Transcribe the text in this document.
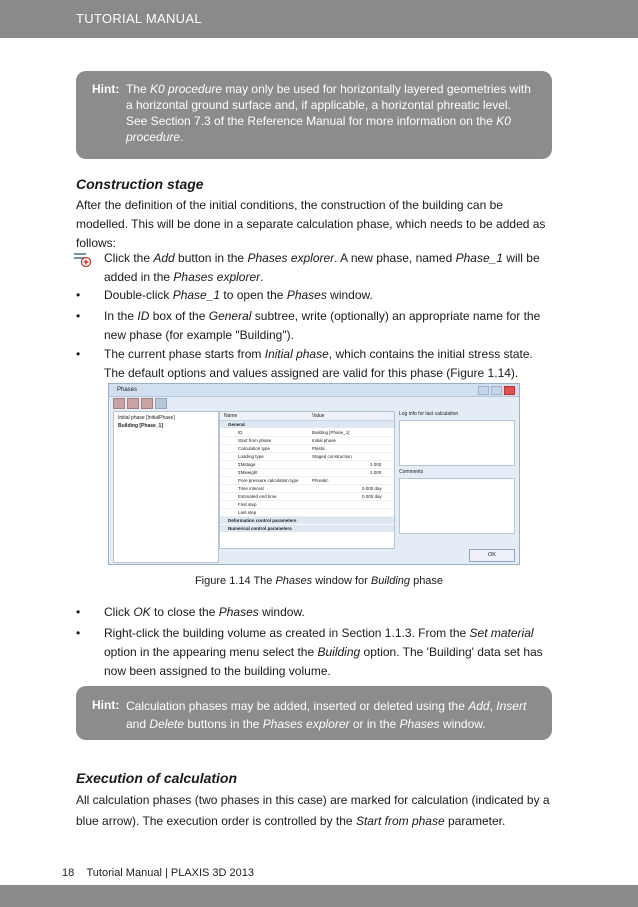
TUTORIAL MANUAL
Hint: The K0 procedure may only be used for horizontally layered geometries with
a horizontal ground surface and, if applicable, a horizontal phreatic level.
See Section 7.3 of the Reference Manual for more information on the K0
procedure.
Construction stage
After the definition of the initial conditions, the construction of the building can be
modelled. This will be done in a separate calculation phase, which needs to be added as
follows:
Click the Add button in the Phases explorer. A new phase, named Phase_1 will be
added in the Phases explorer.
•	Double-click Phase_1 to open the Phases window.
•	In the ID box of the General subtree, write (optionally) an appropriate name for the
new phase (for example "Building").
•	The current phase starts from Initial phase, which contains the initial stress state.
The default options and values assigned are valid for this phase (Figure 1.14).
Phases
Initial phase [InitialPhase]
Building [Phase_1]
Name	Value
General
ID	Building [Phase_1]
Start from phase	Initial phase
Calculation type	Plastic
Loading type	Staged construction
ΣMstage	1.000
ΣMweight	1.000
Pore pressure calculation type	Phreatic
Time interval	0.000 day
Estimated end time	0.000 day
First step
Last step
Deformation control parameters
Numerical control parameters
Log info for last calculation
Comments
OK
Figure 1.14 The Phases window for Building phase
•	Click OK to close the Phases window.
•	Right-click the building volume as created in Section 1.1.3. From the Set material
option in the appearing menu select the Building option. The 'Building' data set has
now been assigned to the building volume.
Hint: Calculation phases may be added, inserted or deleted using the Add, Insert
and Delete buttons in the Phases explorer or in the Phases window.
Execution of calculation
All calculation phases (two phases in this case) are marked for calculation (indicated by a
blue arrow). The execution order is controlled by the Start from phase parameter.
18 Tutorial Manual | PLAXIS 3D 2013
